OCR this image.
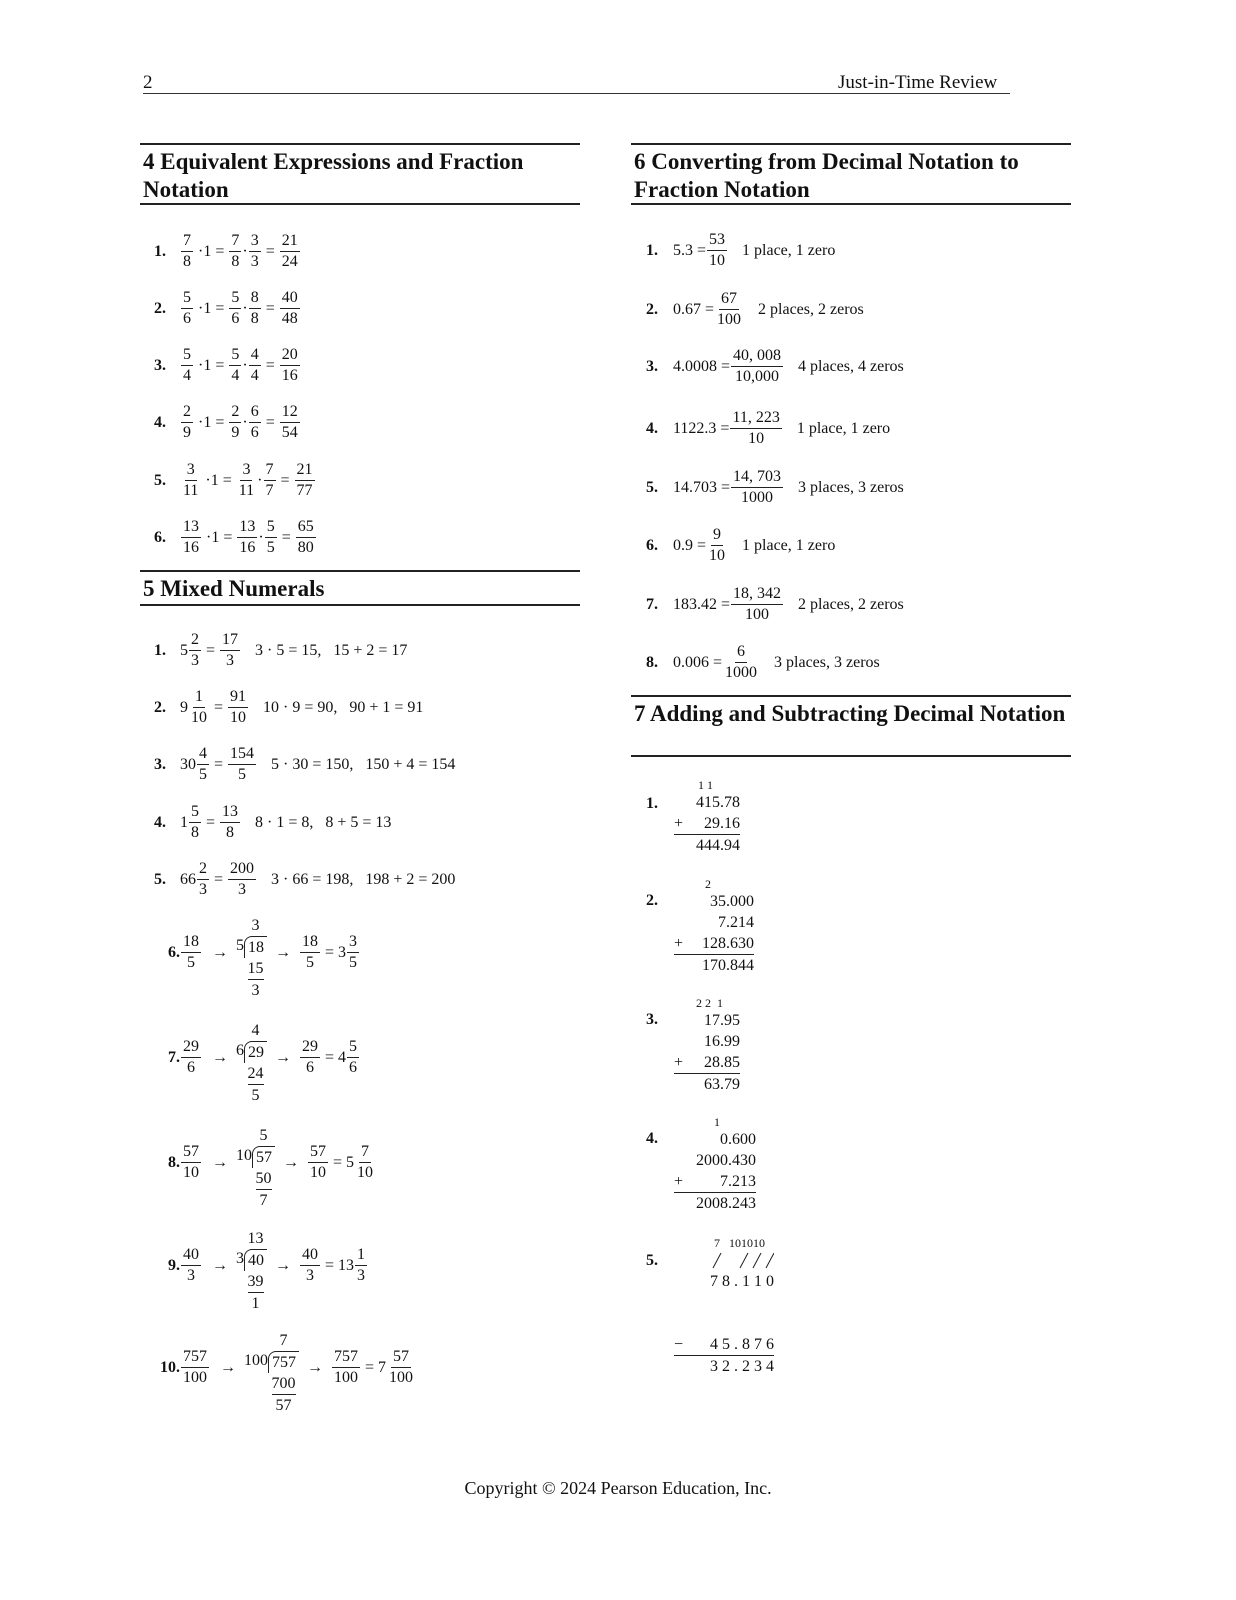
2	Just-in-Time Review
4 Equivalent Expressions and Fraction Notation
1. $\frac{7}{8} \cdot 1 = \frac{7}{8} \cdot \frac{3}{3} = \frac{21}{24}$
2. $\frac{5}{6} \cdot 1 = \frac{5}{6} \cdot \frac{8}{8} = \frac{40}{48}$
3. $\frac{5}{4} \cdot 1 = \frac{5}{4} \cdot \frac{4}{4} = \frac{20}{16}$
4. $\frac{2}{9} \cdot 1 = \frac{2}{9} \cdot \frac{6}{6} = \frac{12}{54}$
5. $\frac{3}{11} \cdot 1 = \frac{3}{11} \cdot \frac{7}{7} = \frac{21}{77}$
6. $\frac{13}{16} \cdot 1 = \frac{13}{16} \cdot \frac{5}{5} = \frac{65}{80}$
5 Mixed Numerals
1. $5 \frac{2}{3} = \frac{17}{3} 3 \cdot 5 = 15$,   15 + 2 = 17
2. $9 \frac{1}{10} = \frac{91}{10} 10 \cdot 9 = 90$,   90 + 1 = 91
3. $30 \frac{4}{5} = \frac{154}{5} 5 \cdot 30 = 150$,   150 + 4 = 154
4. $1 \frac{5}{8} = \frac{13}{8} 8 \cdot 1 = 8$,   8 + 5 = 13
5. $66 \frac{2}{3} = \frac{200}{3} 3 \cdot 66 = 198$,   198 + 2 = 200
6. $\frac{18}{5} \to 5$
3
18
15
3
→ $\frac{18}{5} = 3 \frac{3}{5}$
7. $\frac{29}{6} \to 6$
4
29
24
5
→ $\frac{29}{6} = 4 \frac{5}{6}$
8. $\frac{57}{10} \to 10$
5
57
50
7
→ $\frac{57}{10} = 5 \frac{7}{10}$
9. $\frac{40}{3} \to 3$
13
40
39
1
→ $\frac{40}{3} = 13 \frac{1}{3}$
10. $\frac{757}{100} \to 100$
7
757
700
57
→ $\frac{757}{100} = 7 \frac{57}{100}$
6 Converting from Decimal Notation to Fraction Notation
1. $5.3 = \frac{53}{10} 1$ place, 1 zero
2. $0.67 = \frac{67}{100} 2$ places, 2 zeros
3. $4.0008 = \frac{40, 008}{10,000} 4$ places, 4 zeros
4. $1122.3 = \frac{11, 223}{10} 1$ place, 1 zero
5. $14.703 = \frac{14, 703}{1000} 3$ places, 3 zeros
6. $0.9 = \frac{9}{10} 1$ place, 1 zero
7. $183.42 = \frac{18, 342}{100} 2$ places, 2 zeros
8. $0.006 = \frac{6}{1000} 3$ places, 3 zeros
7 Adding and Subtracting Decimal Notation
1.
1 1
415.78
+ 29.16
444.94
2.
2
35.000
7.214
+ 128.630
170.844
3.
2 2  1
17.95
16.99
+ 28.85
63.79
4.
1
0.600
2000.430
+ 7.213
2008.243
5.
7   101010

7 8 . 1 1 0

− 4 5 . 8 7 6
3 2 . 2 3 4
Copyright © 2024 Pearson Education, Inc.
